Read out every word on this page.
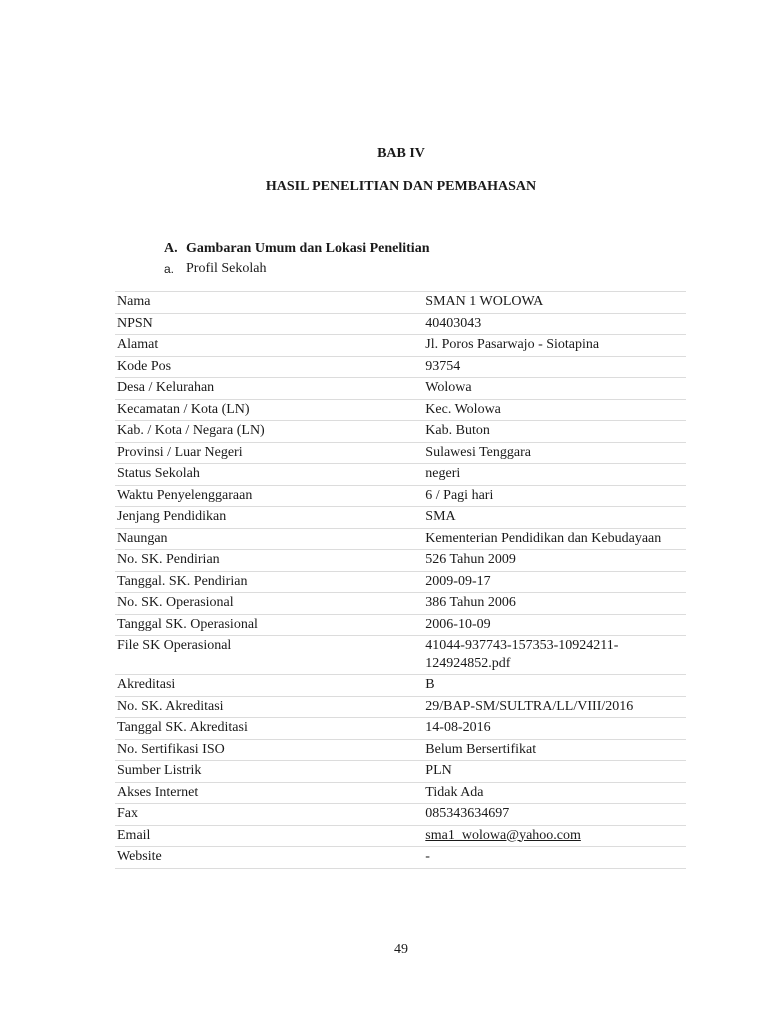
BAB IV
HASIL PENELITIAN DAN PEMBAHASAN
A. Gambaran Umum dan Lokasi Penelitian
a. Profil Sekolah
Nama	SMAN 1 WOLOWA
NPSN	40403043
Alamat	Jl. Poros Pasarwajo - Siotapina
Kode Pos	93754
Desa / Kelurahan	Wolowa
Kecamatan / Kota (LN)	Kec. Wolowa
Kab. / Kota / Negara (LN)	Kab. Buton
Provinsi / Luar Negeri	Sulawesi Tenggara
Status Sekolah	negeri
Waktu Penyelenggaraan	6 / Pagi hari
Jenjang Pendidikan	SMA
Naungan	Kementerian Pendidikan dan Kebudayaan
No. SK. Pendirian	526 Tahun 2009
Tanggal. SK. Pendirian	2009-09-17
No. SK. Operasional	386 Tahun 2006
Tanggal SK. Operasional	2006-10-09
File SK Operasional	41044-937743-157353-10924211-124924852.pdf
Akreditasi	B
No. SK. Akreditasi	29/BAP-SM/SULTRA/LL/VIII/2016
Tanggal SK. Akreditasi	14-08-2016
No. Sertifikasi ISO	Belum Bersertifikat
Sumber Listrik	PLN
Akses Internet	Tidak Ada
Fax	085343634697
Email	sma1_wolowa@yahoo.com
Website	-
49
